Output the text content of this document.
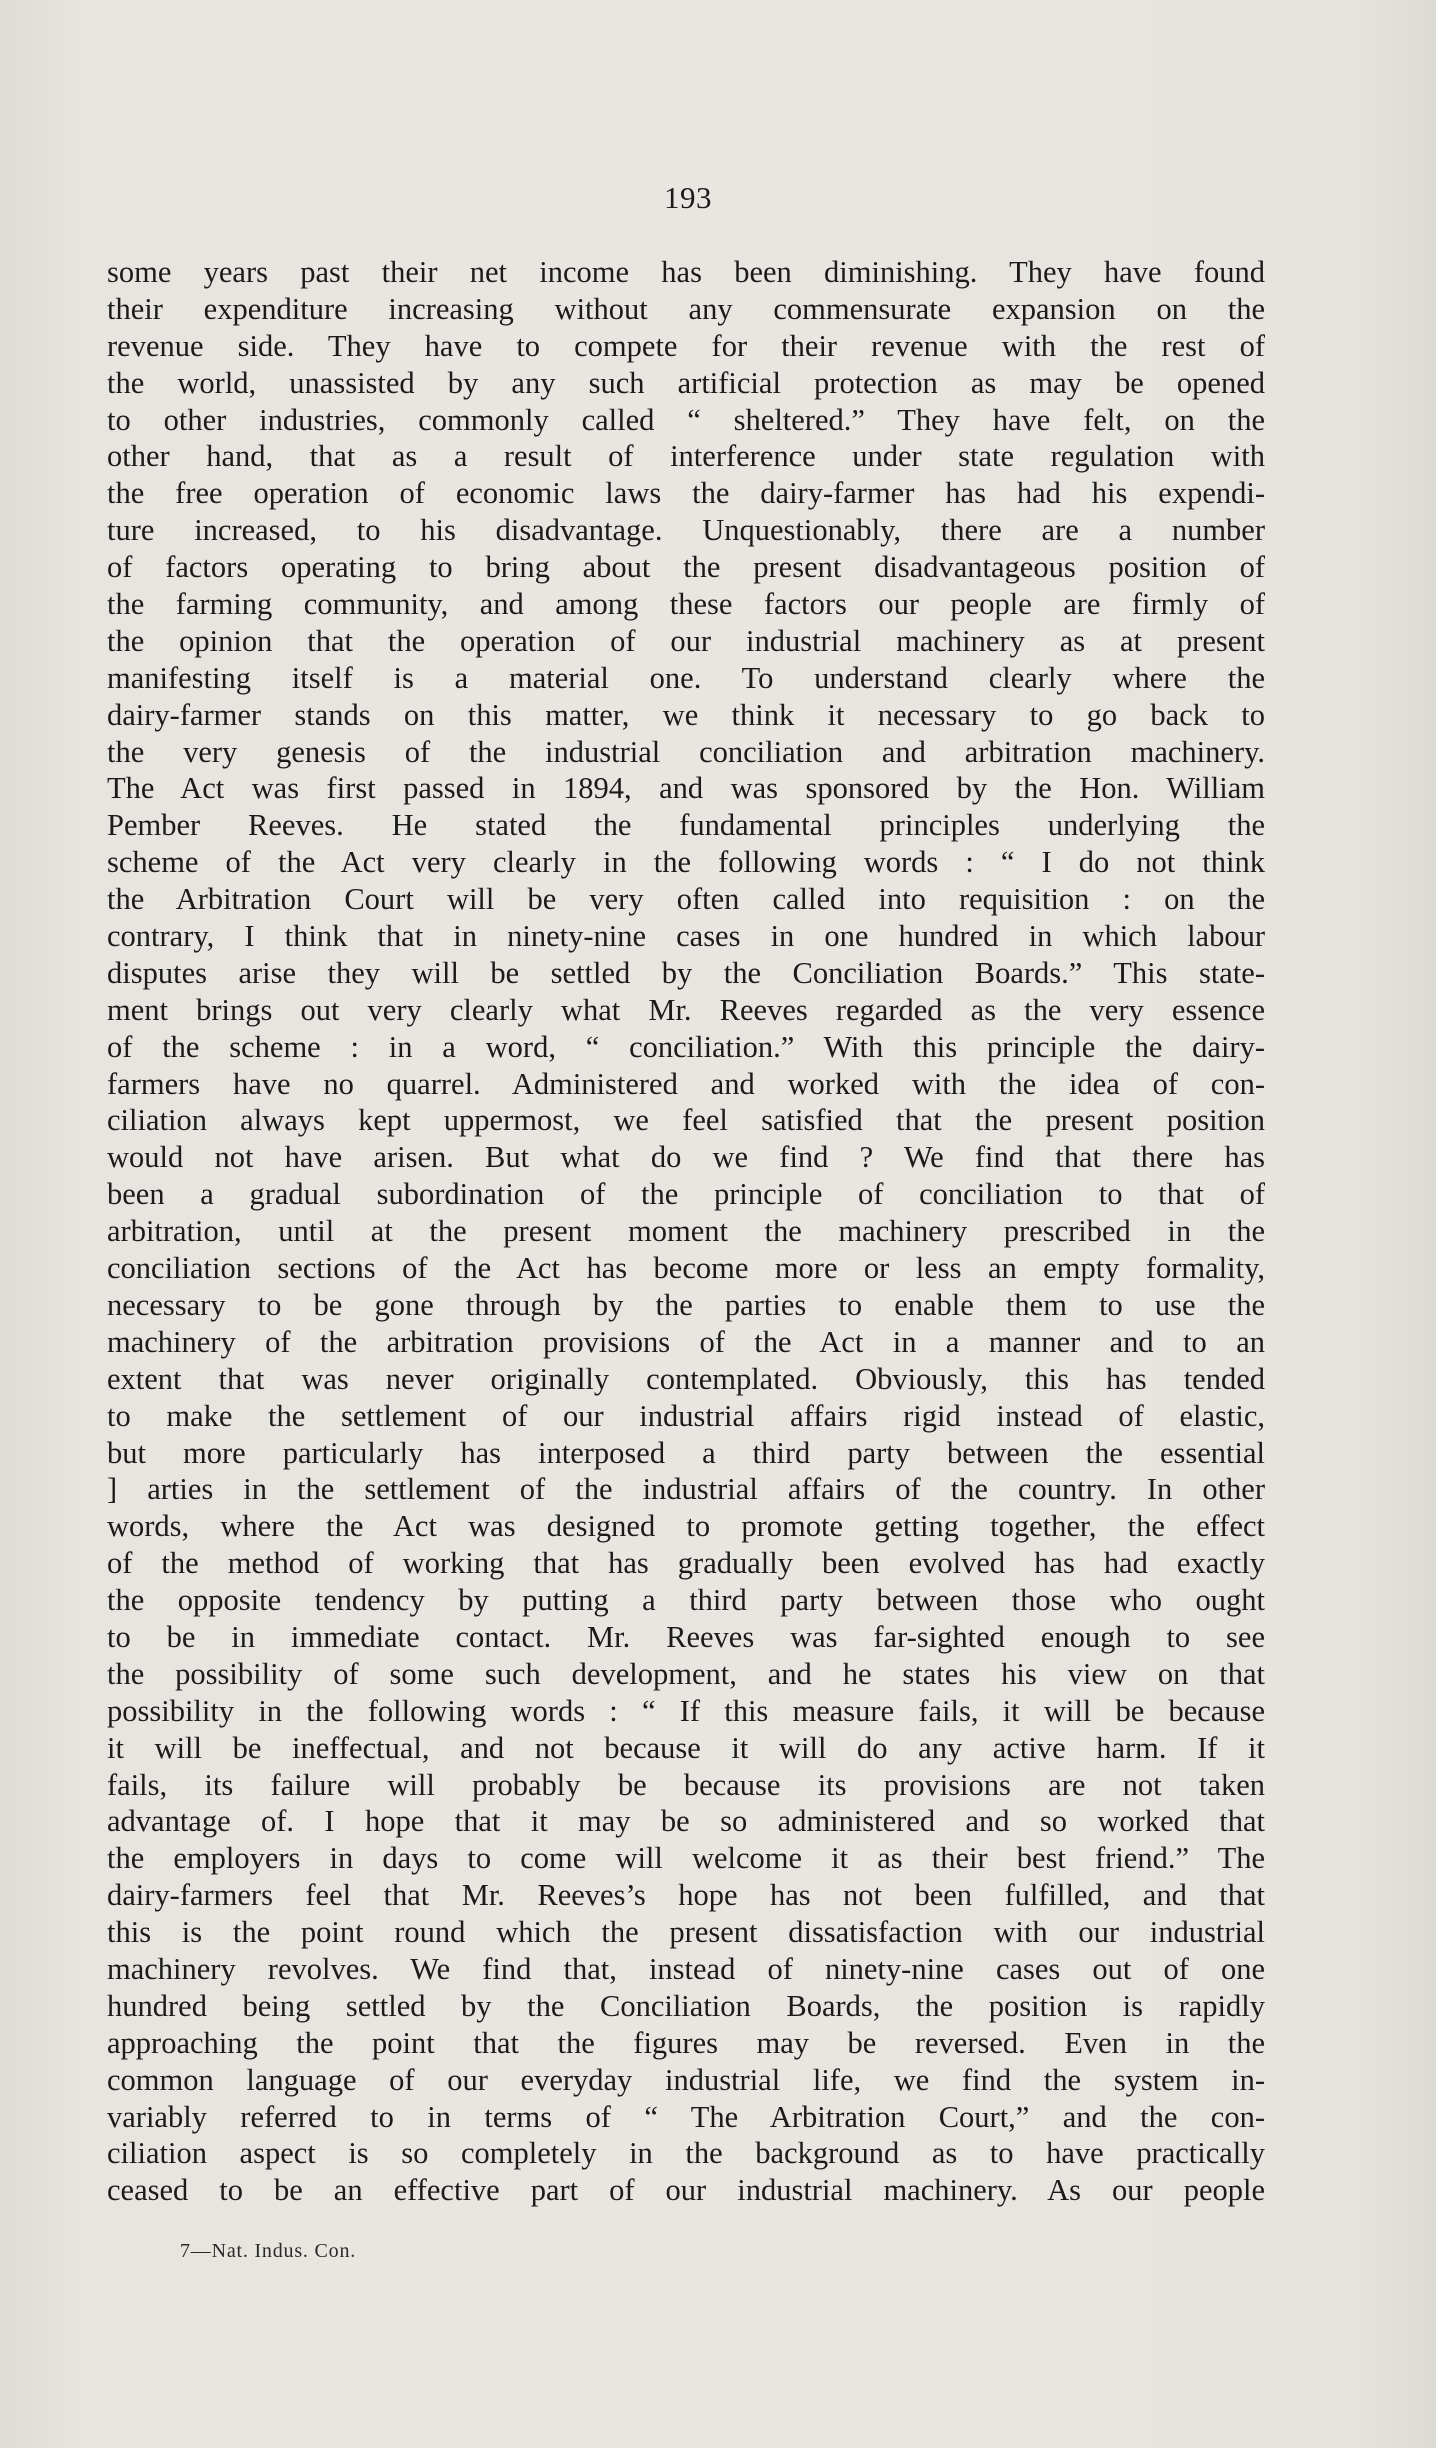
193
some years past their net income has been diminishing. They have found
their expenditure increasing without any commensurate expansion on the
revenue side. They have to compete for their revenue with the rest of
the world, unassisted by any such artificial protection as may be opened
to other industries, commonly called “ sheltered.” They have felt, on the
other hand, that as a result of interference under state regulation with
the free operation of economic laws the dairy-farmer has had his expendi-
ture increased, to his disadvantage. Unquestionably, there are a number
of factors operating to bring about the present disadvantageous position of
the farming community, and among these factors our people are firmly of
the opinion that the operation of our industrial machinery as at present
manifesting itself is a material one. To understand clearly where the
dairy-farmer stands on this matter, we think it necessary to go back to
the very genesis of the industrial conciliation and arbitration machinery.
The Act was first passed in 1894, and was sponsored by the Hon. William
Pember Reeves. He stated the fundamental principles underlying the
scheme of the Act very clearly in the following words : “ I do not think
the Arbitration Court will be very often called into requisition : on the
contrary, I think that in ninety-nine cases in one hundred in which labour
disputes arise they will be settled by the Conciliation Boards.” This state-
ment brings out very clearly what Mr. Reeves regarded as the very essence
of the scheme : in a word, “ conciliation.” With this principle the dairy-
farmers have no quarrel. Administered and worked with the idea of con-
ciliation always kept uppermost, we feel satisfied that the present position
would not have arisen. But what do we find ? We find that there has
been a gradual subordination of the principle of conciliation to that of
arbitration, until at the present moment the machinery prescribed in the
conciliation sections of the Act has become more or less an empty formality,
necessary to be gone through by the parties to enable them to use the
machinery of the arbitration provisions of the Act in a manner and to an
extent that was never originally contemplated. Obviously, this has tended
to make the settlement of our industrial affairs rigid instead of elastic,
but more particularly has interposed a third party between the essential
] arties in the settlement of the industrial affairs of the country. In other
words, where the Act was designed to promote getting together, the effect
of the method of working that has gradually been evolved has had exactly
the opposite tendency by putting a third party between those who ought
to be in immediate contact. Mr. Reeves was far-sighted enough to see
the possibility of some such development, and he states his view on that
possibility in the following words : “ If this measure fails, it will be because
it will be ineffectual, and not because it will do any active harm. If it
fails, its failure will probably be because its provisions are not taken
advantage of. I hope that it may be so administered and so worked that
the employers in days to come will welcome it as their best friend.” The
dairy-farmers feel that Mr. Reeves’s hope has not been fulfilled, and that
this is the point round which the present dissatisfaction with our industrial
machinery revolves. We find that, instead of ninety-nine cases out of one
hundred being settled by the Conciliation Boards, the position is rapidly
approaching the point that the figures may be reversed. Even in the
common language of our everyday industrial life, we find the system in-
variably referred to in terms of “ The Arbitration Court,” and the con-
ciliation aspect is so completely in the background as to have practically
ceased to be an effective part of our industrial machinery. As our people
7—Nat. Indus. Con.
